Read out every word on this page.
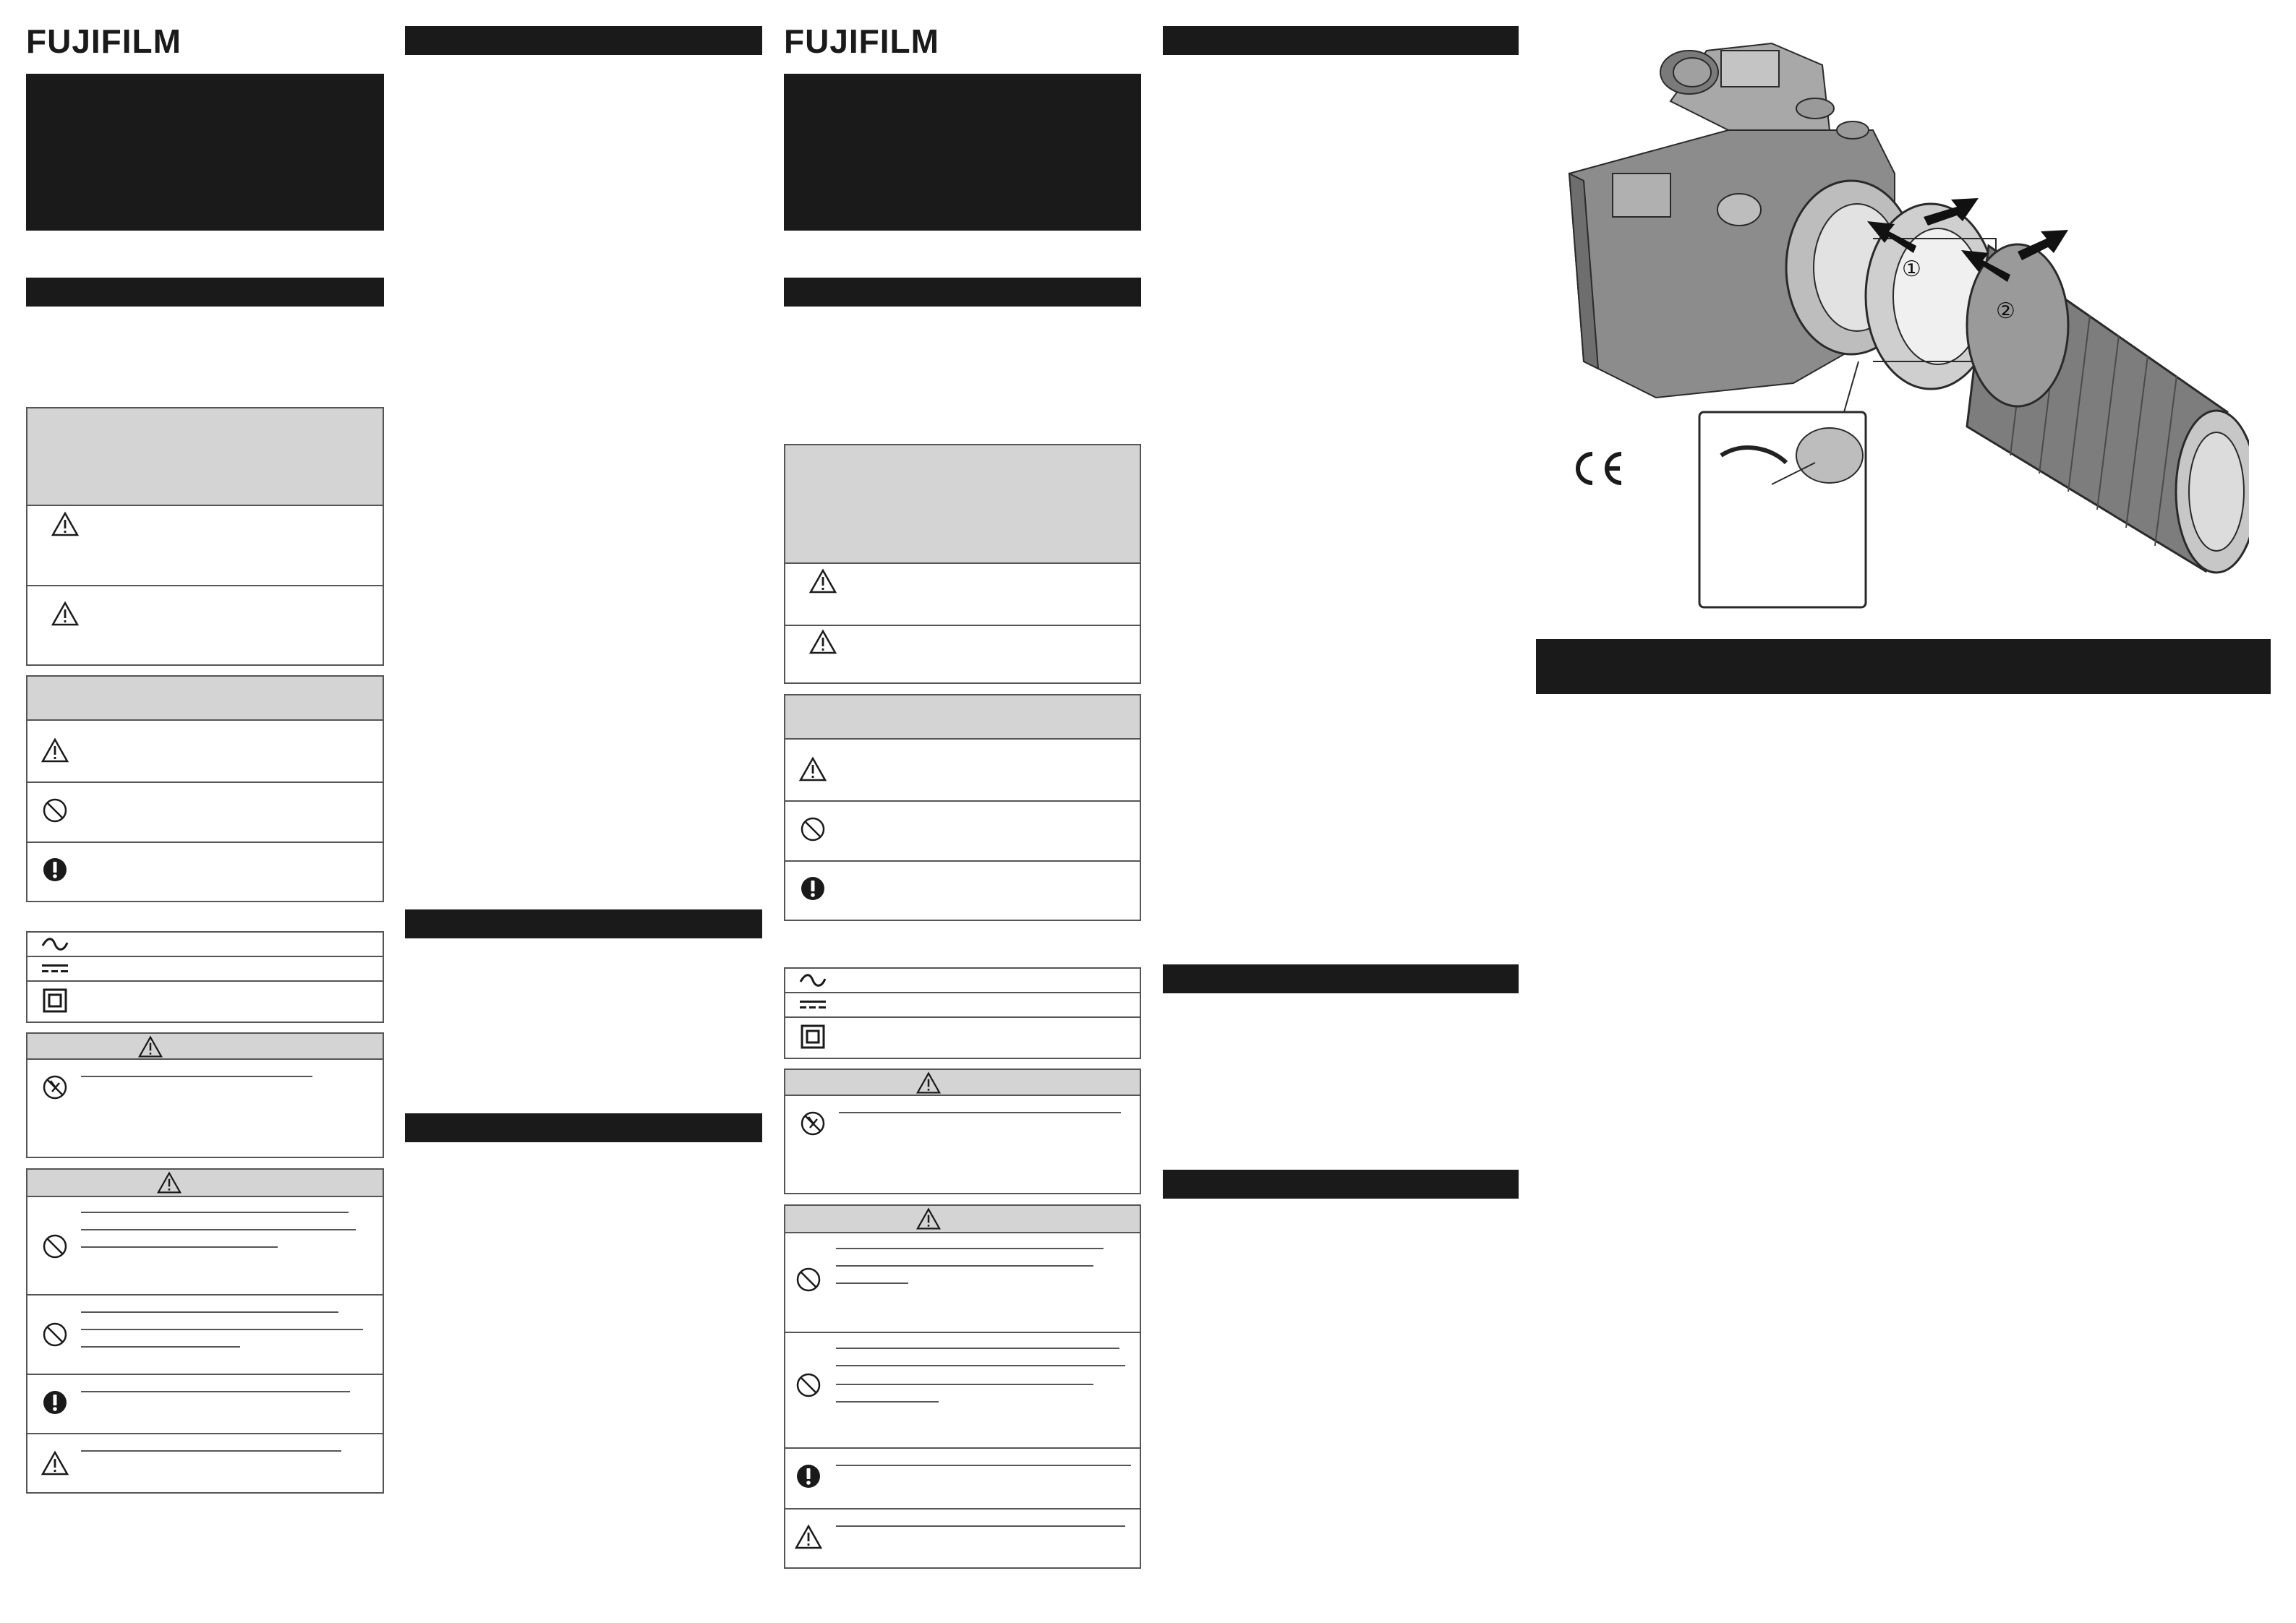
FUJIFILM	FUJIFILM
①
②
